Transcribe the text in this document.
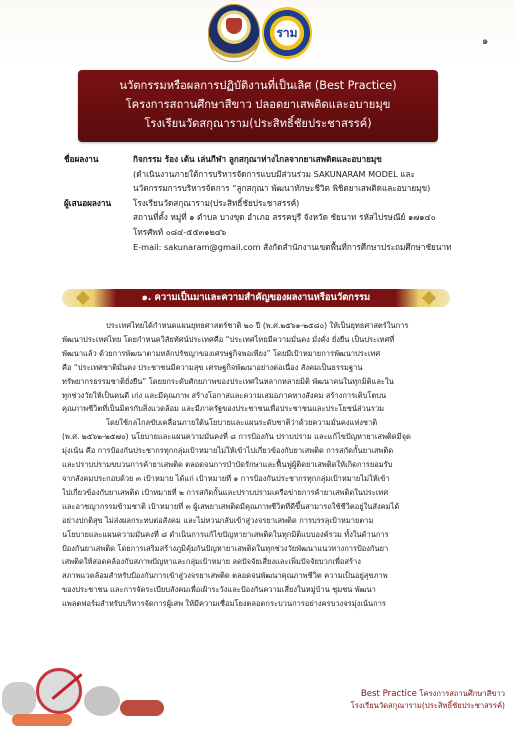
ราม
๑
นวัตกรรมหรือผลการปฏิบัติงานที่เป็นเลิศ (Best Practice)
โครงการสถานศึกษาสีขาว ปลอดยาเสพติดและอบายมุข
โรงเรียนวัดสกุณาราม(ประสิทธิ์ชัยประชาสรรค์)
ชื่อผลงาน	กิจกรรม ร้อง เต้น เล่นกีฬา ลูกสกุณาห่างไกลจากยาเสพติดและอบายมุข
(ดำเนินงานภายใต้การบริหารจัดการแบบมีส่วนร่วม SAKUNARAM MODEL และ
นวัตกรรมการบริหารจัดการ “ลูกสกุณา พัฒนาทักษะชีวิต พิชิตยาเสพติดและอบายมุข)
ผู้เสนอผลงาน	โรงเรียนวัดสกุณาราม(ประสิทธิ์ชัยประชาสรรค์)
สถานที่ตั้ง หมู่ที่ ๑ ตำบล บางขุด อำเภอ สรรคบุรี จังหวัด ชัยนาท รหัสไปรษณีย์ ๑๗๑๔๐
โทรศัพท์ ๐๘๔-๕๕๓๑๒๔๖
E-mail: sakunaram@gmail.com สังกัดสำนักงานเขตพื้นที่การศึกษาประถมศึกษาชัยนาท
๑. ความเป็นมาและความสำคัญของผลงานหรือนวัตกรรม
ประเทศไทยได้กำหนดแผนยุทธศาสตร์ชาติ ๒๐ ปี (พ.ศ.๒๕๖๑-๒๕๘๐) ให้เป็นยุทธศาสตร์ในการ
พัฒนาประเทศไทย โดยกำหนดวิสัยทัศน์ประเทศคือ “ประเทศไทยมีความมั่นคง มั่งคั่ง ยั่งยืน เป็นประเทศที่
พัฒนาแล้ว ด้วยการพัฒนาตามหลักปรัชญาของเศรษฐกิจพอเพียง” โดยมีเป้าหมายการพัฒนาประเทศ
คือ “ประเทศชาติมั่นคง ประชาชนมีความสุข เศรษฐกิจพัฒนาอย่างต่อเนื่อง สังคมเป็นธรรมฐาน
ทรัพยากรธรรมชาติยั่งยืน” โดยยกระดับศักยภาพของประเทศในหลากหลายมิติ พัฒนาคนในทุกมิติและใน
ทุกช่วงวัยให้เป็นคนดี เก่ง และมีคุณภาพ สร้างโอกาสและความเสมอภาคทางสังคม สร้างการเติบโตบน
คุณภาพชีวิตที่เป็นมิตรกับสิ่งแวดล้อม และมีภาครัฐของประชาชนเพื่อประชาชนและประโยชน์ส่วนรวม
โดยใช้กลไกลขับเคลื่อนภายใต้นโยบายและแผนระดับชาติว่าด้วยความมั่นคงแห่งชาติ
(พ.ศ. ๒๕๖๒-๒๕๗๐) นโยบายและแผนความมั่นคงที่ ๘ การป้องกัน ปราบปราม และแก้ไขปัญหายาเสพติดมีจุด
มุ่งเน้น คือ การป้องกันประชากรทุกกลุ่มเป้าหมายไม่ให้เข้าไปเกี่ยวข้องกับยาเสพติด การสกัดกั้นยาเสพติด
และปราบปรามขบวนการค้ายาเสพติด ตลอดจนการบำบัดรักษาและฟื้นฟูผู้ติดยาเสพติดให้เกิดการยอมรับ
จากสังคมประกอบด้วย ๓ เป้าหมาย ได้แก่ เป้าหมายที่ ๑ การป้องกันประชากรทุกกลุ่มเป้าหมายไม่ให้เข้า
ไปเกี่ยวข้องกับยาเสพติด เป้าหมายที่ ๒ การสกัดกั้นและปราบปรามเครือข่ายการค้ายาเสพติดในประเทศ
และอาชญากรรมข้ามชาติ เป้าหมายที่ ๓ ผู้เสพยาเสพติดมีคุณภาพชีวิตที่ดีขึ้นสามารถใช้ชีวิตอยู่ในสังคมได้
อย่างปกติสุข ไม่ส่งผลกระทบต่อสังคม และไม่หวนกลับเข้าสู่วงจรยาเสพติด การบรรลุเป้าหมายตาม
นโยบายและแผนความมั่นคงที่ ๘ ดำเนินการแก้ไขปัญหายาเสพติดในทุกมิติแบบองค์รวม ทั้งในด้านการ
ป้องกันยาเสพติด โดยการเสริมสร้างภูมิคุ้มกันปัญหายาเสพติดในทุกช่วงวัยพัฒนาแนวทางการป้องกันยา
เสพติดให้สอดคล้องกับสภาพปัญหาและกลุ่มเป้าหมาย ลดปัจจัยเสี่ยงและเพิ่มปัจจัยบวกเพื่อสร้าง
สภาพแวดล้อมสำหรับป้องกันการเข้าสู่วงจรยาเสพติด ตลอดจนพัฒนาคุณภาพชีวิต ความเป็นอยู่สุขภาพ
ของประชาชน และการจัดระเบียบสังคมเพื่อเฝ้าระวังและป้องกันความเสี่ยงในหมู่บ้าน ชุมชน พัฒนา
แพลตฟอร์มสำหรับบริหารจัดการผู้เสพ ให้มีความเชื่อมโยงตลอดกระบวนการอย่างครบวงจรมุ่งเน้นการ
Best Practice โครงการสถานศึกษาสีขาว
โรงเรียนวัดสกุณาราม(ประสิทธิ์ชัยประชาสรรค์)
